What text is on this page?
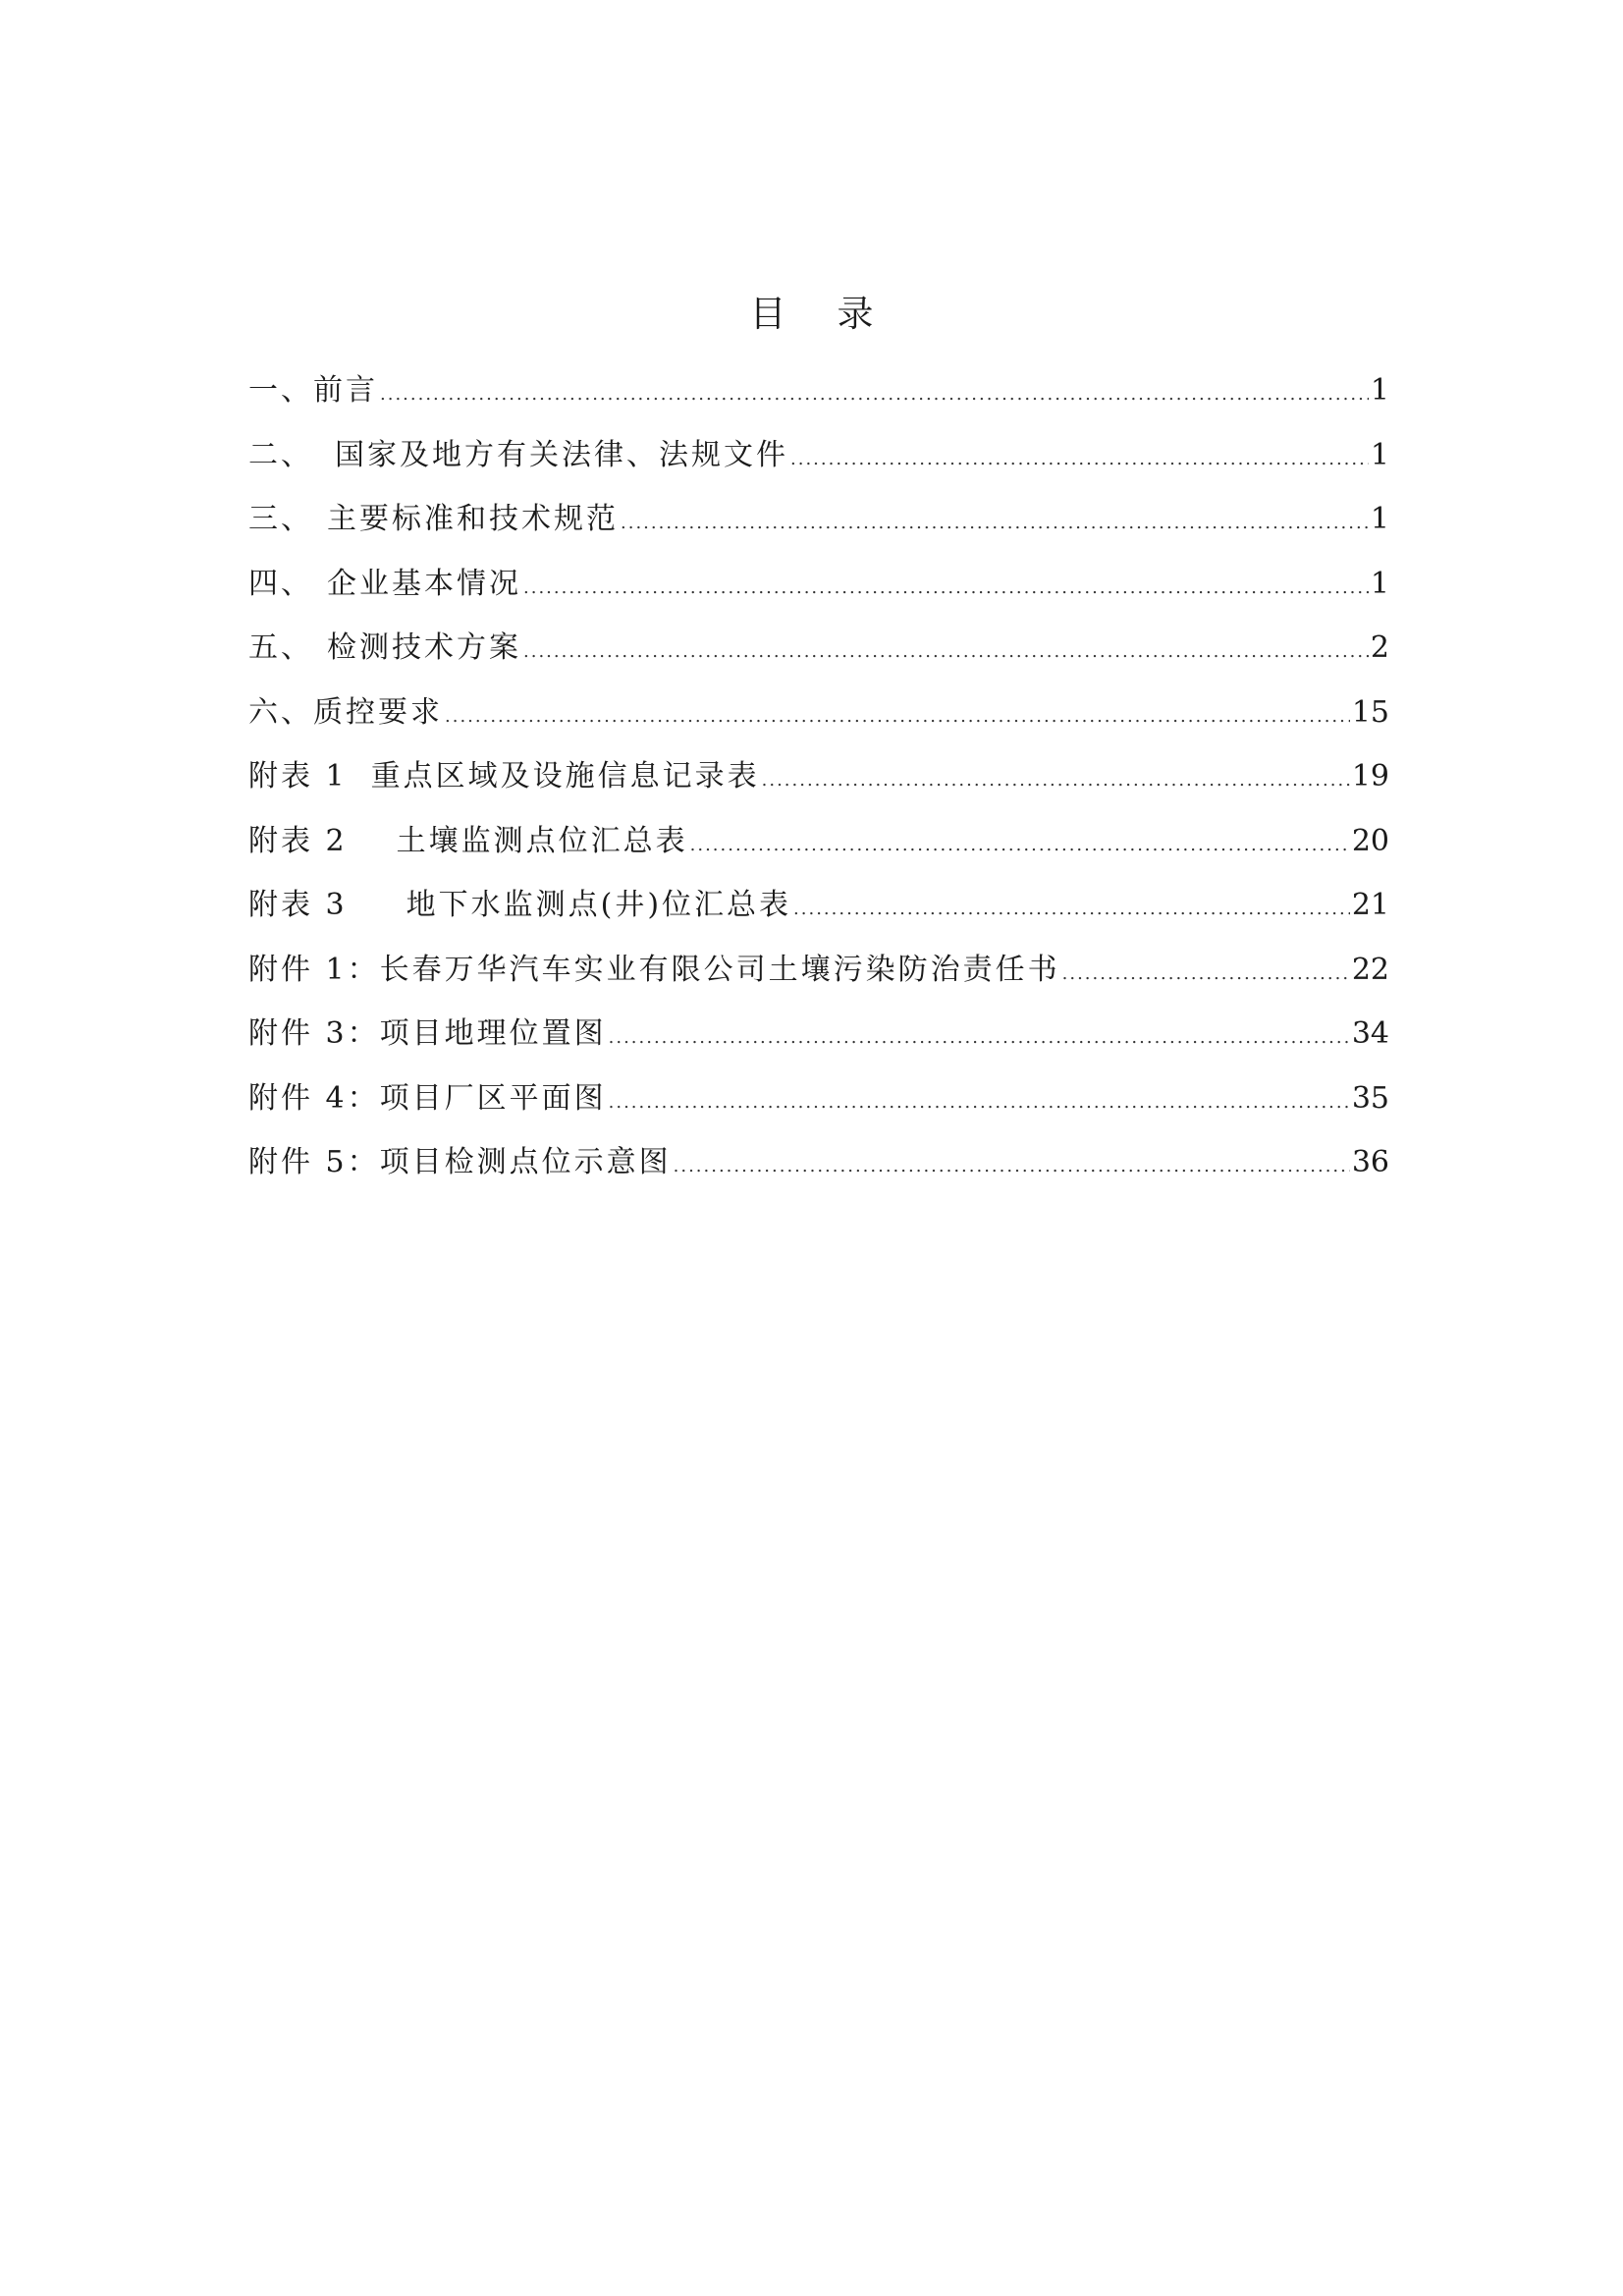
目 录
一、前言 .....	1
二、 国家及地方有关法律、法规文件 .....	1
三、 主要标准和技术规范 .....	1
四、 企业基本情况 .....	1
五、 检测技术方案 .....	2
六、质控要求 .....	15
附表 1 重点区域及设施信息记录表 .....	19
附表 2 土壤监测点位汇总表 .....	20
附表 3 地下水监测点(井)位汇总表 .....	21
附件 1：长春万华汽车实业有限公司土壤污染防治责任书 .....	22
附件 3：项目地理位置图 .....	34
附件 4：项目厂区平面图 .....	35
附件 5：项目检测点位示意图 .....	36
